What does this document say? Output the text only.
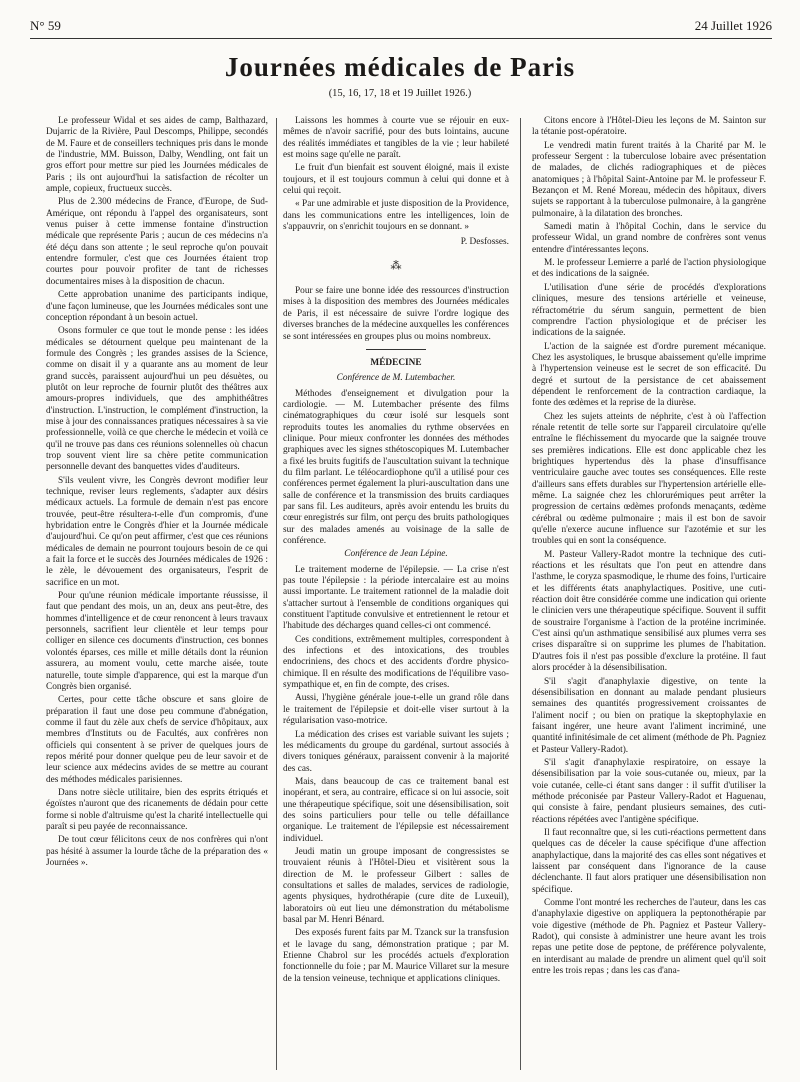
N° 59	24 Juillet 1926
Journées médicales de Paris
(15, 16, 17, 18 et 19 Juillet 1926.)

Le professeur Widal et ses aides de camp, Balthazard, Dujarric de la Rivière, Paul Descomps, Philippe, secondés de M. Faure et de conseillers techniques pris dans le monde de l'industrie, MM. Buisson, Dalby, Wendling, ont fait un gros effort pour mettre sur pied les Journées médicales de Paris ; ils ont aujourd'hui la satisfaction de récolter un ample, copieux, fructueux succès.

Plus de 2.300 médecins de France, d'Europe, de Sud-Amérique, ont répondu à l'appel des organisateurs, sont venus puiser à cette immense fontaine d'instruction médicale que représente Paris ; aucun de ces médecins n'a été déçu dans son attente ; le seul reproche qu'on pouvait entendre formuler, c'est que ces Journées étaient trop courtes pour pouvoir profiter de tant de richesses documentaires mises à la disposition de chacun.

Cette approbation unanime des participants indique, d'une façon lumineuse, que les Journées médicales sont une conception répondant à un besoin actuel.

Osons formuler ce que tout le monde pense : les idées médicales se détournent quelque peu maintenant de la formule des Congrès ; les grandes assises de la Science, comme on disait il y a quarante ans au moment de leur grand succès, paraissent aujourd'hui un peu désuètes, ou plutôt on leur reproche de fournir plutôt des théâtres aux amours-propres individuels, que des amphithéâtres d'instruction. L'instruction, le complément d'instruction, la mise à jour des connaissances pratiques nécessaires à sa vie professionnelle, voilà ce que cherche le médecin et voilà ce qu'il ne trouve pas dans ces réunions solennelles où chacun trop souvent vient lire sa chère petite communication personnelle devant des banquettes vides d'auditeurs.

S'ils veulent vivre, les Congrès devront modifier leur technique, reviser leurs reglements, s'adapter aux désirs médicaux actuels. La formule de demain n'est pas encore trouvée, peut-être résultera-t-elle d'un compromis, d'une hybridation entre le Congrès d'hier et la Journée médicale d'aujourd'hui. Ce qu'on peut affirmer, c'est que ces réunions médicales de demain ne pourront toujours besoin de ce qui a fait la force et le succès des Journées médicales de 1926 : le zèle, le dévouement des organisateurs, l'esprit de sacrifice en un mot.

Pour qu'une réunion médicale importante réussisse, il faut que pendant des mois, un an, deux ans peut-être, des hommes d'intelligence et de cœur renoncent à leurs travaux personnels, sacrifient leur clientèle et leur temps pour colliger en silence ces documents d'instruction, ces bonnes volontés éparses, ces mille et mille détails dont la réunion assurera, au moment voulu, cette marche aisée, toute naturelle, toute simple d'apparence, qui est la marque d'un Congrès bien organisé.

Certes, pour cette tâche obscure et sans gloire de préparation il faut une dose peu commune d'abnégation, comme il faut du zèle aux chefs de service d'hôpitaux, aux membres d'Instituts ou de Facultés, aux confrères non officiels qui consentent à se priver de quelques jours de repos mérité pour donner quelque peu de leur savoir et de leur science aux médecins avides de se mettre au courant des méthodes médicales parisiennes.

Dans notre siècle utilitaire, bien des esprits étriqués et égoïstes n'auront que des ricanements de dédain pour cette forme si noble d'altruisme qu'est la charité intellectuelle qui paraît si peu payée de reconnaissance.

De tout cœur félicitons ceux de nos confrères qui n'ont pas hésité à assumer la lourde tâche de la préparation des « Journées ».

Laissons les hommes à courte vue se réjouir en eux-mêmes de n'avoir sacrifié, pour des buts lointains, aucune des réalités immédiates et tangibles de la vie ; leur habileté est moins sage qu'elle ne paraît.

Le fruit d'un bienfait est souvent éloigné, mais il existe toujours, et il est toujours commun à celui qui donne et à celui qui reçoit.

« Par une admirable et juste disposition de la Providence, dans les communications entre les intelligences, loin de s'appauvrir, on s'enrichit toujours en se donnant. »

P. Desfosses.

⁂

Pour se faire une bonne idée des ressources d'instruction mises à la disposition des membres des Journées médicales de Paris, il est nécessaire de suivre l'ordre logique des diverses branches de la médecine auxquelles les conférences se sont intéressées en groupes plus ou moins nombreux.

MÉDECINE

Conférence de M. Lutembacher.

Méthodes d'enseignement et divulgation pour la cardiologie. — M. Lutembacher présente des films cinématographiques du cœur isolé sur lesquels sont reproduits toutes les anomalies du rythme observées en clinique. Pour mieux confronter les données des méthodes graphiques avec les signes sthétoscopiques M. Lutembacher a fixé les bruits fugitifs de l'auscultation suivant la technique du film parlant. Le téléocardiophone qu'il a utilisé pour ces conférences permet également la pluri-auscultation dans une salle de conférence et la transmission des bruits cardiaques par sans fil. Les auditeurs, après avoir entendu les bruits du cœur enregistrés sur film, ont perçu des bruits pathologiques sur des malades amenés au voisinage de la salle de conférence.

Conférence de Jean Lépine.

Le traitement moderne de l'épilepsie. — La crise n'est pas toute l'épilepsie : la période intercalaire est au moins aussi importante. Le traitement rationnel de la maladie doit s'attacher surtout à l'ensemble de conditions organiques qui constituent l'aptitude convulsive et entretiennent le retour et l'habitude des décharges quand celles-ci ont commencé.

Ces conditions, extrêmement multiples, correspondent à des infections et des intoxications, des troubles endocriniens, des chocs et des accidents d'ordre physico-chimique. Il en résulte des modifications de l'équilibre vaso-sympathique et, en fin de compte, des crises.

Aussi, l'hygiène générale joue-t-elle un grand rôle dans le traitement de l'épilepsie et doit-elle viser surtout à la régularisation vaso-motrice.

La médication des crises est variable suivant les sujets ; les médicaments du groupe du gardénal, surtout associés à divers toniques généraux, paraissent convenir à la majorité des cas.

Mais, dans beaucoup de cas ce traitement banal est inopérant, et sera, au contraire, efficace si on lui associe, soit une thérapeutique spécifique, soit une désensibilisation, soit des soins particuliers pour telle ou telle défaillance organique. Le traitement de l'épilepsie est nécessairement individuel.

Jeudi matin un groupe imposant de congressistes se trouvaient réunis à l'Hôtel-Dieu et visitèrent sous la direction de M. le professeur Gilbert : salles de consultations et salles de malades, services de radiologie, agents physiques, hydrothérapie (cure dite de Luxeuil), laboratoirs où eut lieu une démonstration du métabolisme basal par M. Henri Bénard.

Des exposés furent faits par M. Tzanck sur la transfusion et le lavage du sang, démonstration pratique ; par M. Etienne Chabrol sur les procédés actuels d'exploration fonctionnelle du foie ; par M. Maurice Villaret sur la mesure de la tension veineuse, technique et applications cliniques.

Citons encore à l'Hôtel-Dieu les leçons de M. Sainton sur la tétanie post-opératoire.

Le vendredi matin furent traités à la Charité par M. le professeur Sergent : la tuberculose lobaire avec présentation de malades, de clichés radiographiques et de pièces anatomiques ; à l'hôpital Saint-Antoine par M. le professeur F. Bezançon et M. René Moreau, médecin des hôpitaux, divers sujets se rapportant à la tuberculose pulmonaire, à la gangrène pulmonaire, à la dilatation des bronches.

Samedi matin à l'hôpital Cochin, dans le service du professeur Widal, un grand nombre de confrères sont venus entendre d'intéressantes leçons.

M. le professeur Lemierre a parlé de l'action physiologique et des indications de la saignée.

L'utilisation d'une série de procédés d'explorations cliniques, mesure des tensions artérielle et veineuse, réfractométrie du sérum sanguin, permettent de bien comprendre l'action physiologique et de préciser les indications de la saignée.

L'action de la saignée est d'ordre purement mécanique. Chez les asystoliques, le brusque abaissement qu'elle imprime à l'hypertension veineuse est le secret de son efficacité. Du degré et surtout de la persistance de cet abaissement dépendent le renforcement de la contraction cardiaque, la fonte des œdèmes et la reprise de la diurèse.

Chez les sujets atteints de néphrite, c'est à où l'affection rénale retentit de telle sorte sur l'appareil circulatoire qu'elle entraîne le fléchissement du myocarde que la saignée trouve ses premières indications. Elle est donc applicable chez les brightiques hypertendus dès la phase d'insuffisance ventriculaire gauche avec toutes ses conséquences. Elle reste d'ailleurs sans effets durables sur l'hypertension artérielle elle-même. La saignée chez les chlorurémiques peut arrêter la progression de certains œdèmes profonds menaçants, œdème cérébral ou œdème pulmonaire ; mais il est bon de savoir qu'elle n'exerce aucune influence sur l'azotémie et sur les troubles qui en sont la conséquence.

M. Pasteur Vallery-Radot montre la technique des cuti-réactions et les résultats que l'on peut en attendre dans l'asthme, le coryza spasmodique, le rhume des foins, l'urticaire et les différents états anaphylactiques. Positive, une cuti-réaction doit être considérée comme une indication qui oriente le clinicien vers une thérapeutique spécifique. Souvent il suffit de soustraire l'organisme à l'action de la protéine incriminée. C'est ainsi qu'un asthmatique sensibilisé aux plumes verra ses crises disparaître si on supprime les plumes de l'habitation. D'autres fois il n'est pas possible d'exclure la protéine. Il faut alors procéder à la désensibilisation.

S'il s'agit d'anaphylaxie digestive, on tente la désensibilisation en donnant au malade pendant plusieurs semaines des quantités progressivement croissantes de l'aliment nocif ; ou bien on pratique la skeptophylaxie en faisant ingérer, une heure avant l'aliment incriminé, une quantité infinitésimale de cet aliment (méthode de Ph. Pagniez et Pasteur Vallery-Radot).

S'il s'agit d'anaphylaxie respiratoire, on essaye la désensibilisation par la voie sous-cutanée ou, mieux, par la voie cutanée, celle-ci étant sans danger : il suffit d'utiliser la méthode préconisée par Pasteur Vallery-Radot et Haguenau, qui consiste à faire, pendant plusieurs semaines, des cuti-réactions répétées avec l'antigène spécifique.

Il faut reconnaître que, si les cuti-réactions permettent dans quelques cas de déceler la cause spécifique d'une affection anaphylactique, dans la majorité des cas elles sont négatives et laissent par conséquent dans l'ignorance de la cause déclenchante. Il faut alors pratiquer une désensibilisation non spécifique.

Comme l'ont montré les recherches de l'auteur, dans les cas d'anaphylaxie digestive on appliquera la peptonothérapie par voie digestive (méthode de Ph. Pagniez et Pasteur Vallery-Radot), qui consiste à administrer une heure avant les trois repas une petite dose de peptone, de préférence polyvalente, en interdisant au malade de prendre un aliment quel qu'il soit entre les trois repas ; dans les cas d'ana-
